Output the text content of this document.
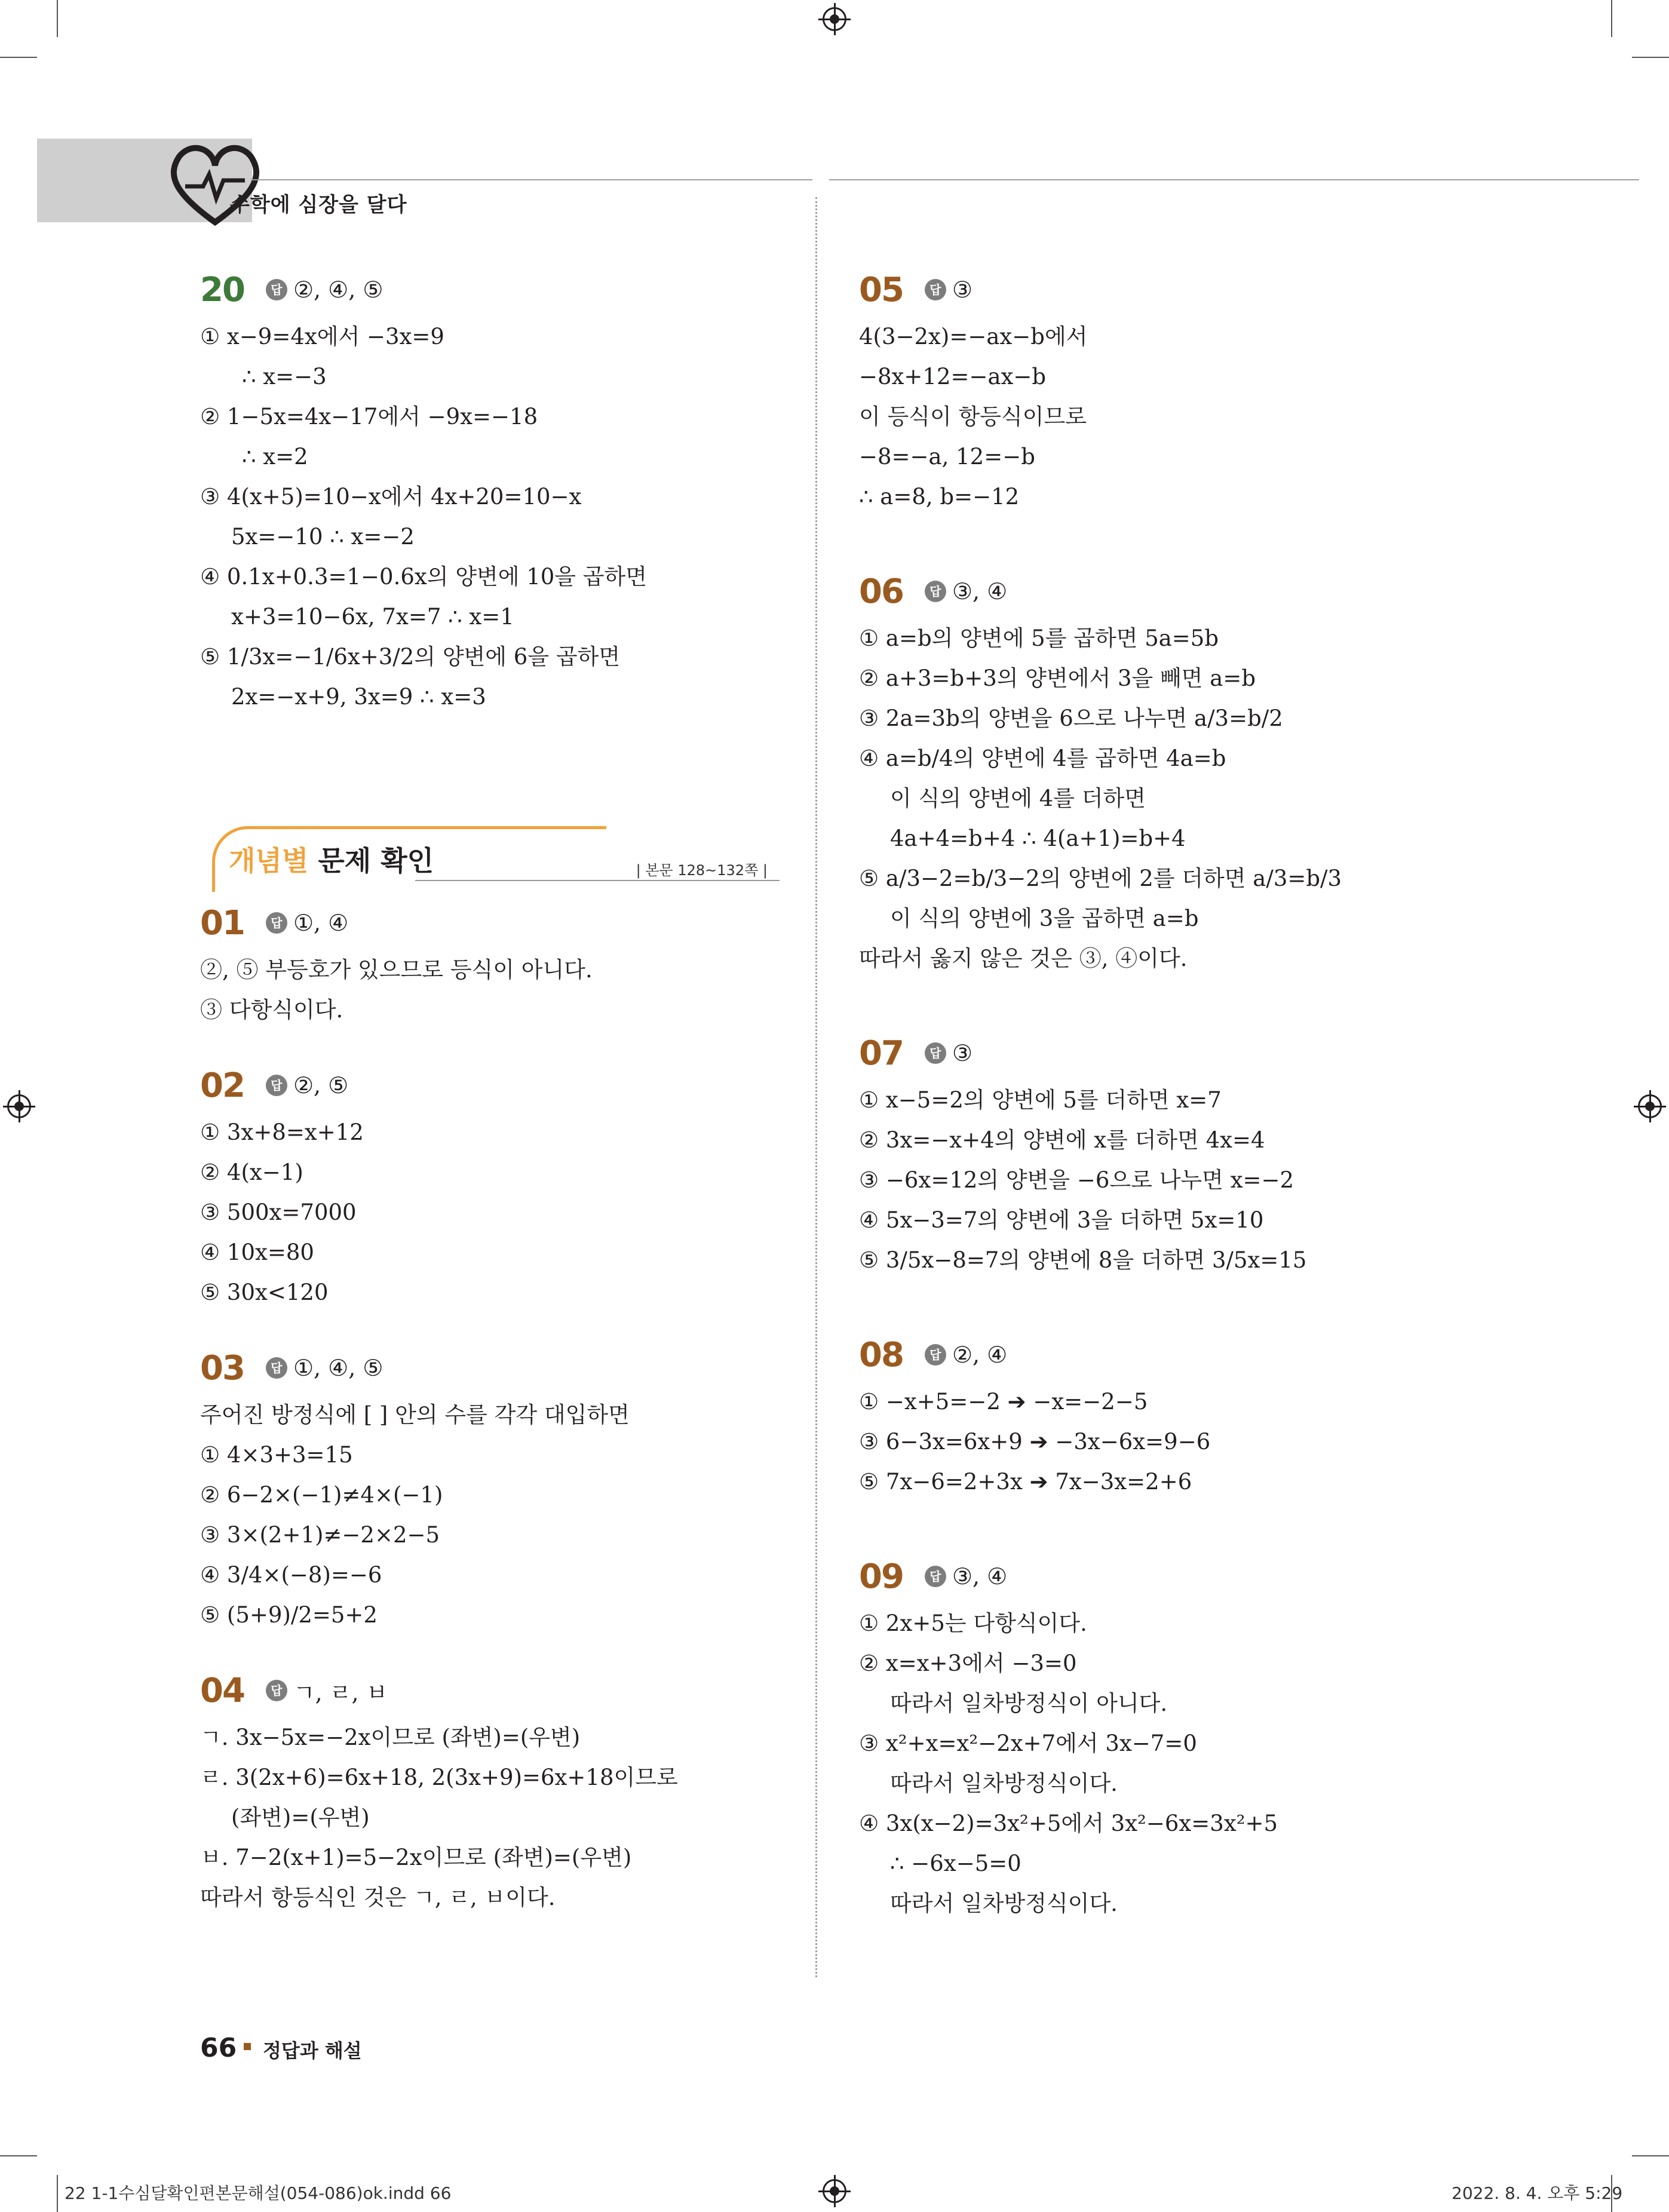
수학에 심장을 달다
20	답 ②, ④, ⑤
① x−9=4x에서 −3x=9
∴ x=−3
② 1−5x=4x−17에서 −9x=−18
∴ x=2
③ 4(x+5)=10−x에서 4x+20=10−x
5x=−10 ∴ x=−2
④ 0.1x+0.3=1−0.6x의 양변에 10을 곱하면
x+3=10−6x, 7x=7 ∴ x=1
⑤ 1/3x=−1/6x+3/2의 양변에 6을 곱하면
2x=−x+9, 3x=9 ∴ x=3
01	답 ①, ④
②, ⑤ 부등호가 있으므로 등식이 아니다.
③ 다항식이다.
02	답 ②, ⑤
① 3x+8=x+12
② 4(x−1)
③ 500x=7000
④ 10x=80
⑤ 30x<120
03	답 ①, ④, ⑤
주어진 방정식에 [ ] 안의 수를 각각 대입하면
① 4×3+3=15
② 6−2×(−1)≠4×(−1)
③ 3×(2+1)≠−2×2−5
④ 3/4×(−8)=−6
⑤ (5+9)/2=5+2
04	답 ㄱ, ㄹ, ㅂ
ㄱ. 3x−5x=−2x이므로 (좌변)=(우변)
ㄹ. 3(2x+6)=6x+18, 2(3x+9)=6x+18이므로
(좌변)=(우변)
ㅂ. 7−2(x+1)=5−2x이므로 (좌변)=(우변)
따라서 항등식인 것은 ㄱ, ㄹ, ㅂ이다.
개념별 문제 확인	| 본문 128~132쪽 |
05	답 ③
4(3−2x)=−ax−b에서
−8x+12=−ax−b
이 등식이 항등식이므로
−8=−a, 12=−b
∴ a=8, b=−12
06	답 ③, ④
① a=b의 양변에 5를 곱하면 5a=5b
② a+3=b+3의 양변에서 3을 빼면 a=b
③ 2a=3b의 양변을 6으로 나누면 a/3=b/2
④ a=b/4의 양변에 4를 곱하면 4a=b
이 식의 양변에 4를 더하면
4a+4=b+4 ∴ 4(a+1)=b+4
⑤ a/3−2=b/3−2의 양변에 2를 더하면 a/3=b/3
이 식의 양변에 3을 곱하면 a=b
따라서 옳지 않은 것은 ③, ④이다.
07	답 ③
① x−5=2의 양변에 5를 더하면 x=7
② 3x=−x+4의 양변에 x를 더하면 4x=4
③ −6x=12의 양변을 −6으로 나누면 x=−2
④ 5x−3=7의 양변에 3을 더하면 5x=10
⑤ 3/5x−8=7의 양변에 8을 더하면 3/5x=15
08	답 ②, ④
① −x+5=−2 ➔ −x=−2−5
③ 6−3x=6x+9 ➔ −3x−6x=9−6
⑤ 7x−6=2+3x ➔ 7x−3x=2+6
09	답 ③, ④
① 2x+5는 다항식이다.
② x=x+3에서 −3=0
따라서 일차방정식이 아니다.
③ x²+x=x²−2x+7에서 3x−7=0
따라서 일차방정식이다.
④ 3x(x−2)=3x²+5에서 3x²−6x=3x²+5
∴ −6x−5=0
따라서 일차방정식이다.
66 정답과 해설
22 1-1수심달확인편본문해설(054-086)ok.indd 66	2022. 8. 4. 오후 5:29
